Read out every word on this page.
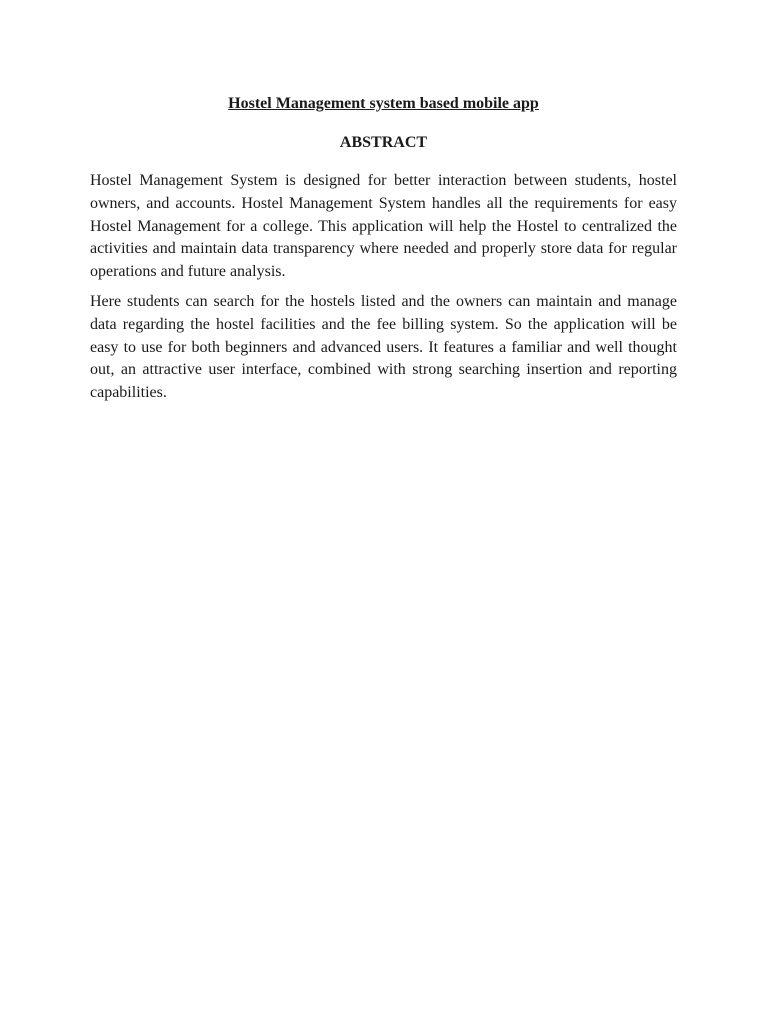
Hostel Management system based mobile app
ABSTRACT

Hostel Management System is designed for better interaction between students, hostel owners, and accounts. Hostel Management System handles all the requirements for easy Hostel Management for a college. This application will help the Hostel to centralized the activities and maintain data transparency where needed and properly store data for regular operations and future analysis.

Here students can search for the hostels listed and the owners can maintain and manage data regarding the hostel facilities and the fee billing system. So the application will be easy to use for both beginners and advanced users. It features a familiar and well thought out, an attractive user interface, combined with strong searching insertion and reporting capabilities.
